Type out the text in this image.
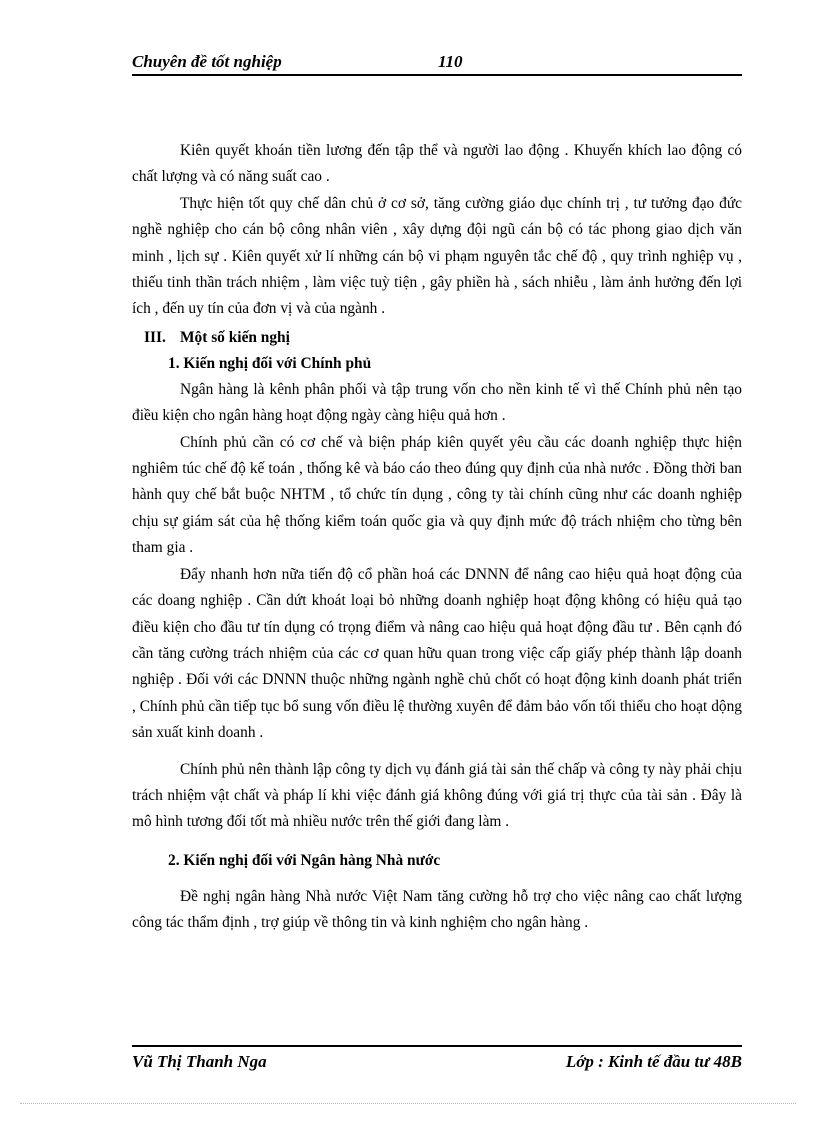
Chuyên đề tốt nghiệp	110

Kiên quyết khoán tiền lương đến tập thể và người lao động . Khuyến khích lao động có chất lượng và có năng suất cao .

Thực hiện tốt quy chế dân chủ ở cơ sở, tăng cường giáo dục chính trị , tư tưởng đạo đức nghề nghiệp cho cán bộ công nhân viên , xây dựng đội ngũ cán bộ có tác phong giao dịch văn minh , lịch sự . Kiên quyết xử lí những cán bộ vi phạm nguyên tắc chế độ , quy trình nghiệp vụ , thiếu tinh thần trách nhiệm , làm việc tuỳ tiện , gây phiền hà , sách nhiễu , làm ảnh hưởng đến lợi ích , đến uy tín của đơn vị và của ngành .

III. Một số kiến nghị
1. Kiến nghị đối với Chính phủ

Ngân hàng là kênh phân phối và tập trung vốn cho nền kinh tế vì thế Chính phủ nên tạo điều kiện cho ngân hàng hoạt động ngày càng hiệu quả hơn .

Chính phủ cần có cơ chế và biện pháp kiên quyết yêu cầu các doanh nghiệp thực hiện nghiêm túc chế độ kế toán , thống kê và báo cáo theo đúng quy định của nhà nước . Đồng thời ban hành quy chế bắt buộc NHTM , tổ chức tín dụng , công ty tài chính cũng như các doanh nghiệp chịu sự giám sát của hệ thống kiểm toán quốc gia và quy định mức độ trách nhiệm cho từng bên tham gia .

Đẩy nhanh hơn nữa tiến độ cổ phần hoá các DNNN để nâng cao hiệu quả hoạt động của các doang nghiệp . Cần dứt khoát loại bỏ những doanh nghiệp hoạt động không có hiệu quả tạo điều kiện cho đầu tư tín dụng có trọng điểm và nâng cao hiệu quả hoạt động đầu tư . Bên cạnh đó cần tăng cường trách nhiệm của các cơ quan hữu quan trong việc cấp giấy phép thành lập doanh nghiệp . Đối với các DNNN thuộc những ngành nghề chủ chốt có hoạt động kinh doanh phát triển , Chính phủ cần tiếp tục bổ sung vốn điều lệ thường xuyên để đảm bảo vốn tối thiểu cho hoạt dộng sản xuất kinh doanh .

Chính phủ nên thành lập công ty dịch vụ đánh giá tài sản thế chấp và công ty này phải chịu trách nhiệm vật chất và pháp lí khi việc đánh giá không đúng với giá trị thực của tài sản . Đây là mô hình tương đối tốt mà nhiều nước trên thế giới đang làm .

2. Kiến nghị đối với Ngân hàng Nhà nước

Đề nghị ngân hàng Nhà nước Việt Nam tăng cường hỗ trợ cho việc nâng cao chất lượng công tác thẩm định , trợ giúp về thông tin và kinh nghiệm cho ngân hàng .

Vũ Thị Thanh Nga	Lớp : Kinh tế đầu tư 48B
